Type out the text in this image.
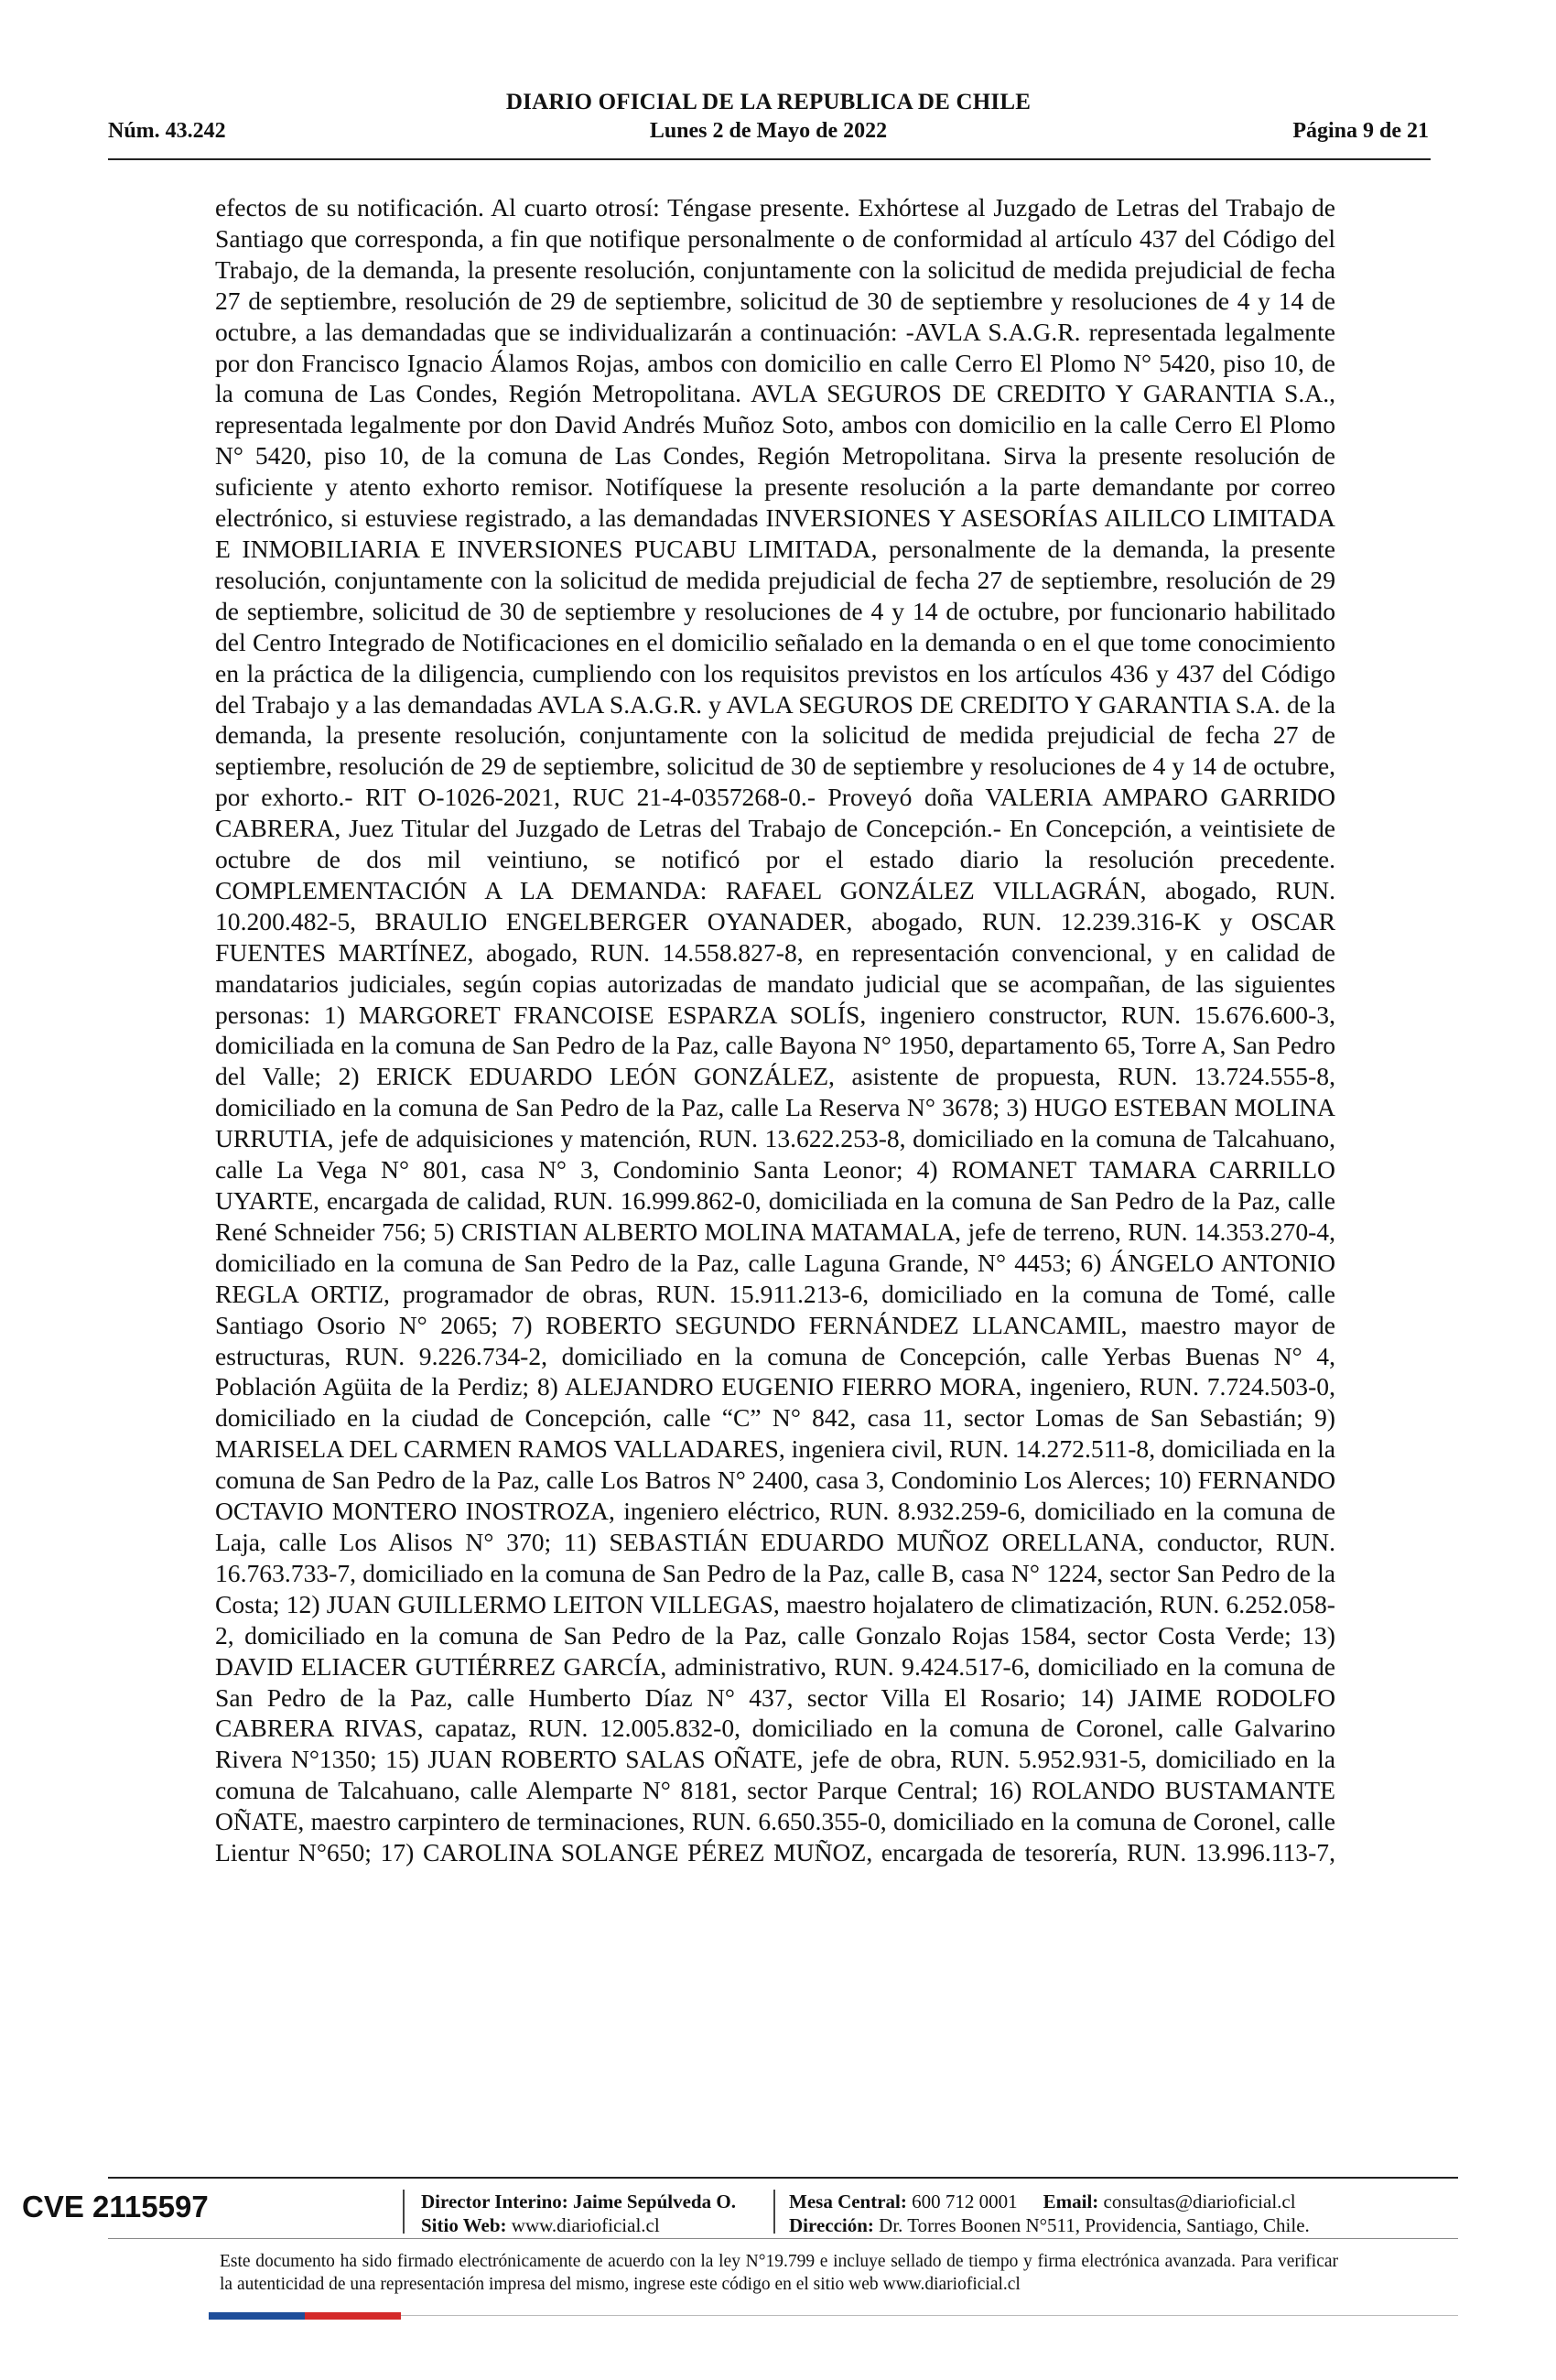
DIARIO OFICIAL DE LA REPUBLICA DE CHILE
Núm. 43.242	Lunes 2 de Mayo de 2022	Página 9 de 21
efectos de su notificación. Al cuarto otrosí: Téngase presente. Exhórtese al Juzgado de Letras del Trabajo de Santiago que corresponda, a fin que notifique personalmente o de conformidad al artículo 437 del Código del Trabajo, de la demanda, la presente resolución, conjuntamente con la solicitud de medida prejudicial de fecha 27 de septiembre, resolución de 29 de septiembre, solicitud de 30 de septiembre y resoluciones de 4 y 14 de octubre, a las demandadas que se individualizarán a continuación: -AVLA S.A.G.R. representada legalmente por don Francisco Ignacio Álamos Rojas, ambos con domicilio en calle Cerro El Plomo N° 5420, piso 10, de la comuna de Las Condes, Región Metropolitana. AVLA SEGUROS DE CREDITO Y GARANTIA S.A., representada legalmente por don David Andrés Muñoz Soto, ambos con domicilio en la calle Cerro El Plomo N° 5420, piso 10, de la comuna de Las Condes, Región Metropolitana. Sirva la presente resolución de suficiente y atento exhorto remisor. Notifíquese la presente resolución a la parte demandante por correo electrónico, si estuviese registrado, a las demandadas INVERSIONES Y ASESORÍAS AILILCO LIMITADA E INMOBILIARIA E INVERSIONES PUCABU LIMITADA, personalmente de la demanda, la presente resolución, conjuntamente con la solicitud de medida prejudicial de fecha 27 de septiembre, resolución de 29 de septiembre, solicitud de 30 de septiembre y resoluciones de 4 y 14 de octubre, por funcionario habilitado del Centro Integrado de Notificaciones en el domicilio señalado en la demanda o en el que tome conocimiento en la práctica de la diligencia, cumpliendo con los requisitos previstos en los artículos 436 y 437 del Código del Trabajo y a las demandadas AVLA S.A.G.R. y AVLA SEGUROS DE CREDITO Y GARANTIA S.A. de la demanda, la presente resolución, conjuntamente con la solicitud de medida prejudicial de fecha 27 de septiembre, resolución de 29 de septiembre, solicitud de 30 de septiembre y resoluciones de 4 y 14 de octubre, por exhorto.- RIT O-1026-2021, RUC 21-4-0357268-0.- Proveyó doña VALERIA AMPARO GARRIDO CABRERA, Juez Titular del Juzgado de Letras del Trabajo de Concepción.- En Concepción, a veintisiete de octubre de dos mil veintiuno, se notificó por el estado diario la resolución precedente. COMPLEMENTACIÓN A LA DEMANDA: RAFAEL GONZÁLEZ VILLAGRÁN, abogado, RUN. 10.200.482-5, BRAULIO ENGELBERGER OYANADER, abogado, RUN. 12.239.316-K y OSCAR FUENTES MARTÍNEZ, abogado, RUN. 14.558.827-8, en representación convencional, y en calidad de mandatarios judiciales, según copias autorizadas de mandato judicial que se acompañan, de las siguientes personas: 1) MARGORET FRANCOISE ESPARZA SOLÍS, ingeniero constructor, RUN. 15.676.600-3, domiciliada en la comuna de San Pedro de la Paz, calle Bayona N° 1950, departamento 65, Torre A, San Pedro del Valle; 2) ERICK EDUARDO LEÓN GONZÁLEZ, asistente de propuesta, RUN. 13.724.555-8, domiciliado en la comuna de San Pedro de la Paz, calle La Reserva N° 3678; 3) HUGO ESTEBAN MOLINA URRUTIA, jefe de adquisiciones y matención, RUN. 13.622.253-8, domiciliado en la comuna de Talcahuano, calle La Vega N° 801, casa N° 3, Condominio Santa Leonor; 4) ROMANET TAMARA CARRILLO UYARTE, encargada de calidad, RUN. 16.999.862-0, domiciliada en la comuna de San Pedro de la Paz, calle René Schneider 756; 5) CRISTIAN ALBERTO MOLINA MATAMALA, jefe de terreno, RUN. 14.353.270-4, domiciliado en la comuna de San Pedro de la Paz, calle Laguna Grande, N° 4453; 6) ÁNGELO ANTONIO REGLA ORTIZ, programador de obras, RUN. 15.911.213-6, domiciliado en la comuna de Tomé, calle Santiago Osorio N° 2065; 7) ROBERTO SEGUNDO FERNÁNDEZ LLANCAMIL, maestro mayor de estructuras, RUN. 9.226.734-2, domiciliado en la comuna de Concepción, calle Yerbas Buenas N° 4, Población Agüita de la Perdiz; 8) ALEJANDRO EUGENIO FIERRO MORA, ingeniero, RUN. 7.724.503-0, domiciliado en la ciudad de Concepción, calle “C” N° 842, casa 11, sector Lomas de San Sebastián; 9) MARISELA DEL CARMEN RAMOS VALLADARES, ingeniera civil, RUN. 14.272.511-8, domiciliada en la comuna de San Pedro de la Paz, calle Los Batros N° 2400, casa 3, Condominio Los Alerces; 10) FERNANDO OCTAVIO MONTERO INOSTROZA, ingeniero eléctrico, RUN. 8.932.259-6, domiciliado en la comuna de Laja, calle Los Alisos N° 370; 11) SEBASTIÁN EDUARDO MUÑOZ ORELLANA, conductor, RUN. 16.763.733-7, domiciliado en la comuna de San Pedro de la Paz, calle B, casa N° 1224, sector San Pedro de la Costa; 12) JUAN GUILLERMO LEITON VILLEGAS, maestro hojalatero de climatización, RUN. 6.252.058-2, domiciliado en la comuna de San Pedro de la Paz, calle Gonzalo Rojas 1584, sector Costa Verde; 13) DAVID ELIACER GUTIÉRREZ GARCÍA, administrativo, RUN. 9.424.517-6, domiciliado en la comuna de San Pedro de la Paz, calle Humberto Díaz N° 437, sector Villa El Rosario; 14) JAIME RODOLFO CABRERA RIVAS, capataz, RUN. 12.005.832-0, domiciliado en la comuna de Coronel, calle Galvarino Rivera N°1350; 15) JUAN ROBERTO SALAS OÑATE, jefe de obra, RUN. 5.952.931-5, domiciliado en la comuna de Talcahuano, calle Alemparte N° 8181, sector Parque Central; 16) ROLANDO BUSTAMANTE OÑATE, maestro carpintero de terminaciones, RUN. 6.650.355-0, domiciliado en la comuna de Coronel, calle Lientur N°650; 17) CAROLINA SOLANGE PÉREZ MUÑOZ, encargada de tesorería, RUN. 13.996.113-7,
CVE 2115597	Director Interino: Jaime Sepúlveda O.
Sitio Web: www.diarioficial.cl
Mesa Central: 600 712 0001 Email: consultas@diarioficial.cl
Dirección: Dr. Torres Boonen N°511, Providencia, Santiago, Chile.
Este documento ha sido firmado electrónicamente de acuerdo con la ley N°19.799 e incluye sellado de tiempo y firma electrónica avanzada. Para verificar la autenticidad de una representación impresa del mismo, ingrese este código en el sitio web www.diarioficial.cl
